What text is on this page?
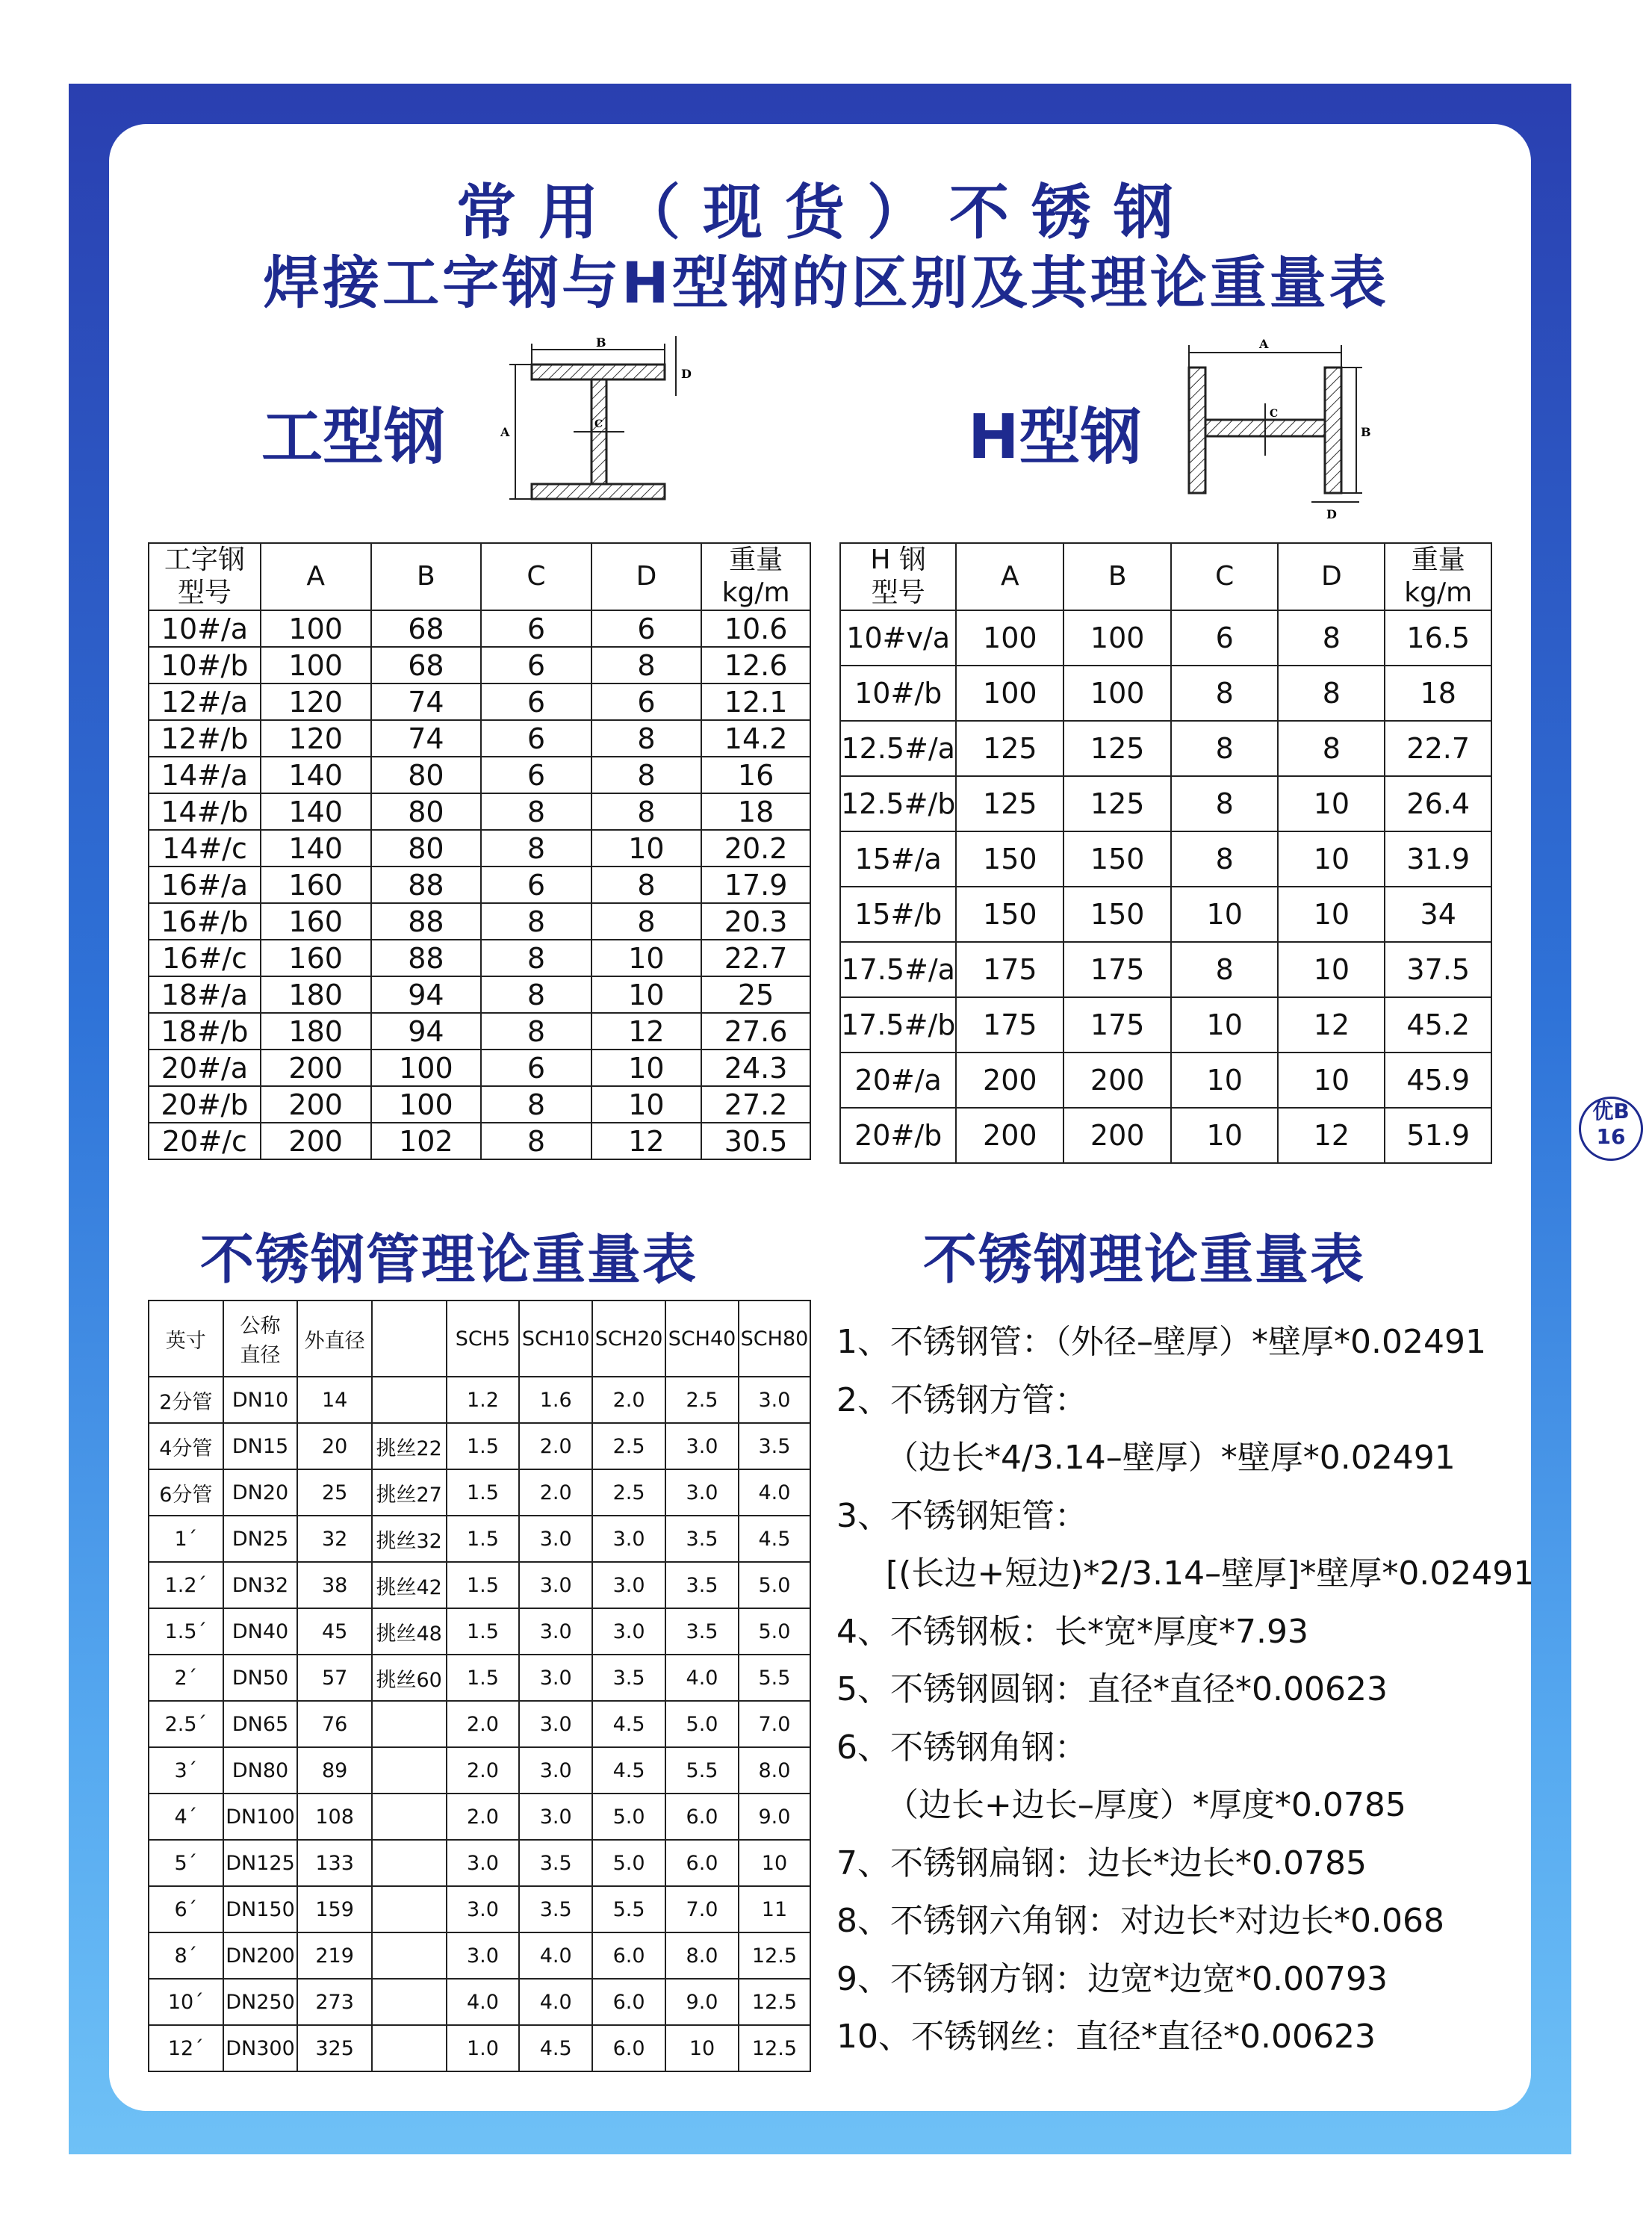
常用（现货）不锈钢
焊接工字钢与H型钢的区别及其理论重量表
工型钢	H型钢
B
D
A
C
A
B
D
C
工字钢
型号	A	B	C	D	重量
kg/m
10#/a	100	68	6	6	10.6
10#/b	100	68	6	8	12.6
12#/a	120	74	6	6	12.1
12#/b	120	74	6	8	14.2
14#/a	140	80	6	8	16
14#/b	140	80	8	8	18
14#/c	140	80	8	10	20.2
16#/a	160	88	6	8	17.9
16#/b	160	88	8	8	20.3
16#/c	160	88	8	10	22.7
18#/a	180	94	8	10	25
18#/b	180	94	8	12	27.6
20#/a	200	100	6	10	24.3
20#/b	200	100	8	10	27.2
20#/c	200	102	8	12	30.5
H 钢
型号	A	B	C	D	重量
kg/m
10#v/a	100	100	6	8	16.5
10#/b	100	100	8	8	18
12.5#/a	125	125	8	8	22.7
12.5#/b	125	125	8	10	26.4
15#/a	150	150	8	10	31.9
15#/b	150	150	10	10	34
17.5#/a	175	175	8	10	37.5
17.5#/b	175	175	10	12	45.2
20#/a	200	200	10	10	45.9
20#/b	200	200	10	12	51.9
不锈钢管理论重量表	不锈钢理论重量表
英寸	公称
直径	外直径		SCH5	SCH10	SCH20	SCH40	SCH80
2分管	DN10	14		1.2	1.6	2.0	2.5	3.0
4分管	DN15	20	挑丝22	1.5	2.0	2.5	3.0	3.5
6分管	DN20	25	挑丝27	1.5	2.0	2.5	3.0	4.0
1´	DN25	32	挑丝32	1.5	3.0	3.0	3.5	4.5
1.2´	DN32	38	挑丝42	1.5	3.0	3.0	3.5	5.0
1.5´	DN40	45	挑丝48	1.5	3.0	3.0	3.5	5.0
2´	DN50	57	挑丝60	1.5	3.0	3.5	4.0	5.5
2.5´	DN65	76		2.0	3.0	4.5	5.0	7.0
3´	DN80	89		2.0	3.0	4.5	5.5	8.0
4´	DN100	108		2.0	3.0	5.0	6.0	9.0
5´	DN125	133		3.0	3.5	5.0	6.0	10
6´	DN150	159		3.0	3.5	5.5	7.0	11
8´	DN200	219		3.0	4.0	6.0	8.0	12.5
10´	DN250	273		4.0	4.0	6.0	9.0	12.5
12´	DN300	325		1.0	4.5	6.0	10	12.5
1、不锈钢管：（外径–壁厚）*壁厚*0.02491
2、不锈钢方管：
（边长*4/3.14–壁厚）*壁厚*0.02491
3、不锈钢矩管：
[(长边+短边)*2/3.14–壁厚]*壁厚*0.02491
4、不锈钢板：长*宽*厚度*7.93
5、不锈钢圆钢：直径*直径*0.00623
6、不锈钢角钢：
（边长+边长–厚度）*厚度*0.0785
7、不锈钢扁钢：边长*边长*0.0785
8、不锈钢六角钢：对边长*对边长*0.068
9、不锈钢方钢：边宽*边宽*0.00793
10、不锈钢丝：直径*直径*0.00623
优B
16
